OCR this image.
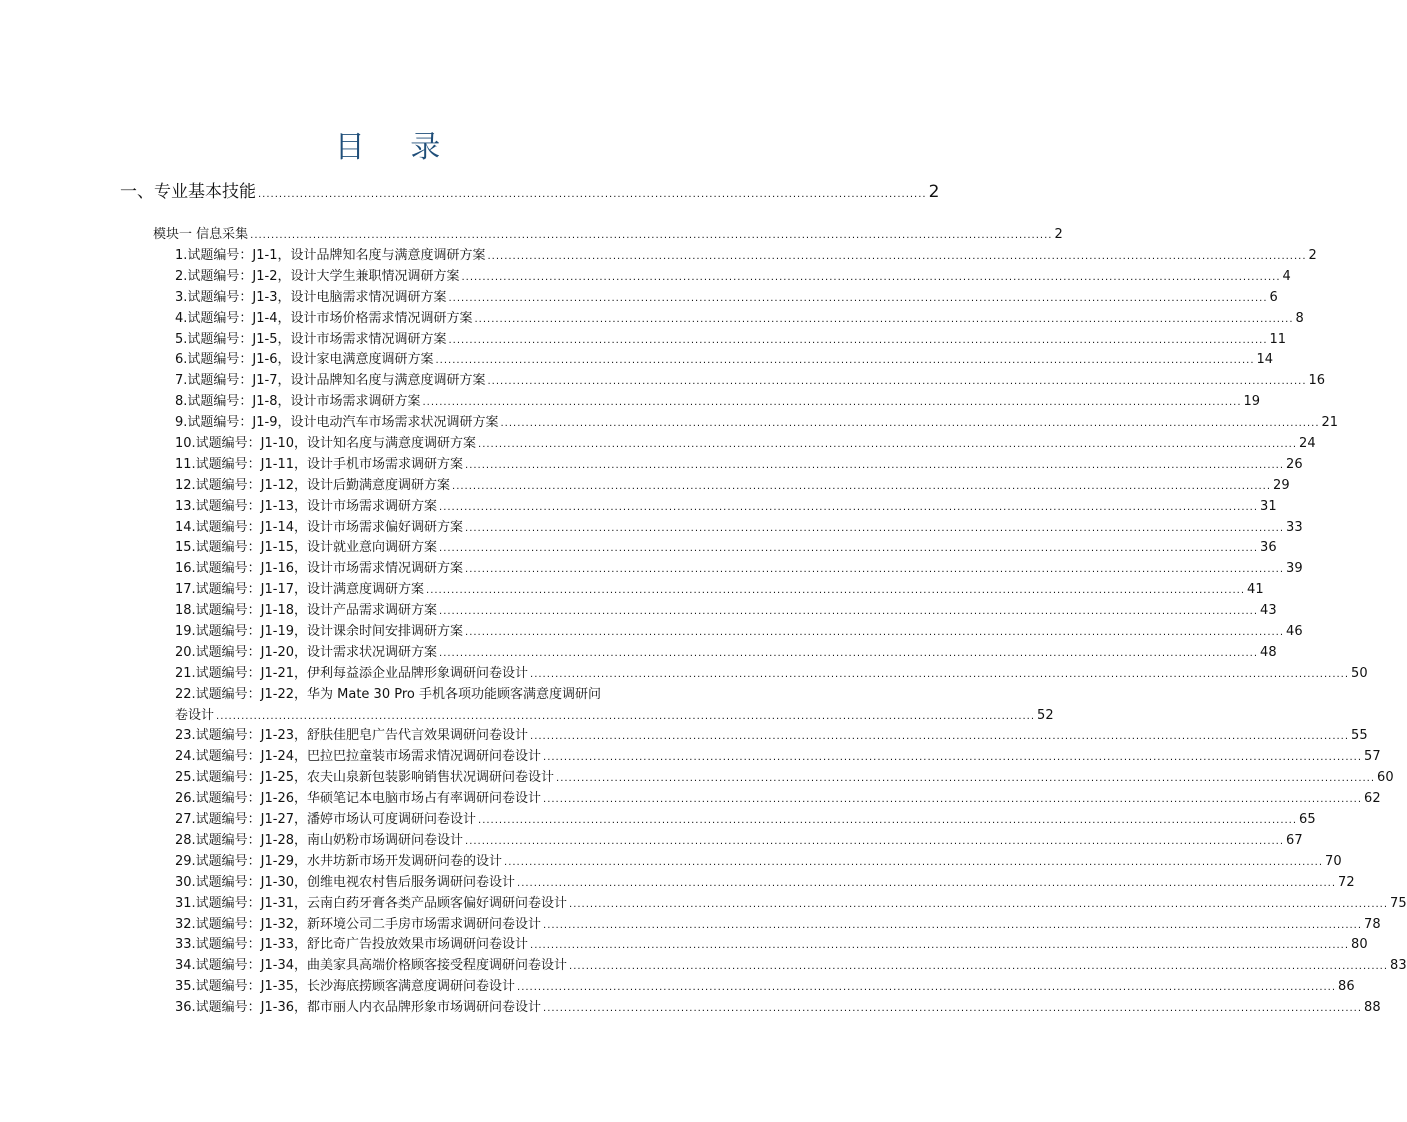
目 录
一、专业基本技能 ................................................................................................................................................................ 2
模块一 信息采集 ................................................................................................................................................................................................ 2
1.试题编号：J1-1，设计品牌知名度与满意度调研方案 .................................................................................................................................................................................................... 2
2.试题编号：J1-2，设计大学生兼职情况调研方案 .................................................................................................................................................................................................... 4
3.试题编号：J1-3，设计电脑需求情况调研方案 .................................................................................................................................................................................................... 6
4.试题编号：J1-4，设计市场价格需求情况调研方案 .................................................................................................................................................................................................... 8
5.试题编号：J1-5，设计市场需求情况调研方案 .................................................................................................................................................................................................... 11
6.试题编号：J1-6，设计家电满意度调研方案 .................................................................................................................................................................................................... 14
7.试题编号：J1-7，设计品牌知名度与满意度调研方案 .................................................................................................................................................................................................... 16
8.试题编号：J1-8，设计市场需求调研方案 .................................................................................................................................................................................................... 19
9.试题编号：J1-9，设计电动汽车市场需求状况调研方案 .................................................................................................................................................................................................... 21
10.试题编号：J1-10，设计知名度与满意度调研方案 .................................................................................................................................................................................................... 24
11.试题编号：J1-11，设计手机市场需求调研方案 .................................................................................................................................................................................................... 26
12.试题编号：J1-12，设计后勤满意度调研方案 .................................................................................................................................................................................................... 29
13.试题编号：J1-13，设计市场需求调研方案 .................................................................................................................................................................................................... 31
14.试题编号：J1-14，设计市场需求偏好调研方案 .................................................................................................................................................................................................... 33
15.试题编号：J1-15，设计就业意向调研方案 .................................................................................................................................................................................................... 36
16.试题编号：J1-16，设计市场需求情况调研方案 .................................................................................................................................................................................................... 39
17.试题编号：J1-17，设计满意度调研方案 .................................................................................................................................................................................................... 41
18.试题编号：J1-18，设计产品需求调研方案 .................................................................................................................................................................................................... 43
19.试题编号：J1-19，设计课余时间安排调研方案 .................................................................................................................................................................................................... 46
20.试题编号：J1-20，设计需求状况调研方案 .................................................................................................................................................................................................... 48
21.试题编号：J1-21，伊利每益添企业品牌形象调研问卷设计 .................................................................................................................................................................................................... 50
22.试题编号：J1-22，华为 Mate 30 Pro 手机各项功能顾客满意度调研问
卷设计 .................................................................................................................................................................................................... 52
23.试题编号：J1-23，舒肤佳肥皂广告代言效果调研问卷设计 .................................................................................................................................................................................................... 55
24.试题编号：J1-24，巴拉巴拉童装市场需求情况调研问卷设计 .................................................................................................................................................................................................... 57
25.试题编号：J1-25，农夫山泉新包装影响销售状况调研问卷设计 .................................................................................................................................................................................................... 60
26.试题编号：J1-26，华硕笔记本电脑市场占有率调研问卷设计 .................................................................................................................................................................................................... 62
27.试题编号：J1-27，潘婷市场认可度调研问卷设计 .................................................................................................................................................................................................... 65
28.试题编号：J1-28，南山奶粉市场调研问卷设计 .................................................................................................................................................................................................... 67
29.试题编号：J1-29，水井坊新市场开发调研问卷的设计 .................................................................................................................................................................................................... 70
30.试题编号：J1-30，创维电视农村售后服务调研问卷设计 .................................................................................................................................................................................................... 72
31.试题编号：J1-31，云南白药牙膏各类产品顾客偏好调研问卷设计 .................................................................................................................................................................................................... 75
32.试题编号：J1-32，新环境公司二手房市场需求调研问卷设计 .................................................................................................................................................................................................... 78
33.试题编号：J1-33，舒比奇广告投放效果市场调研问卷设计 .................................................................................................................................................................................................... 80
34.试题编号：J1-34，曲美家具高端价格顾客接受程度调研问卷设计 .................................................................................................................................................................................................... 83
35.试题编号：J1-35，长沙海底捞顾客满意度调研问卷设计 .................................................................................................................................................................................................... 86
36.试题编号：J1-36，都市丽人内衣品牌形象市场调研问卷设计 .................................................................................................................................................................................................... 88
